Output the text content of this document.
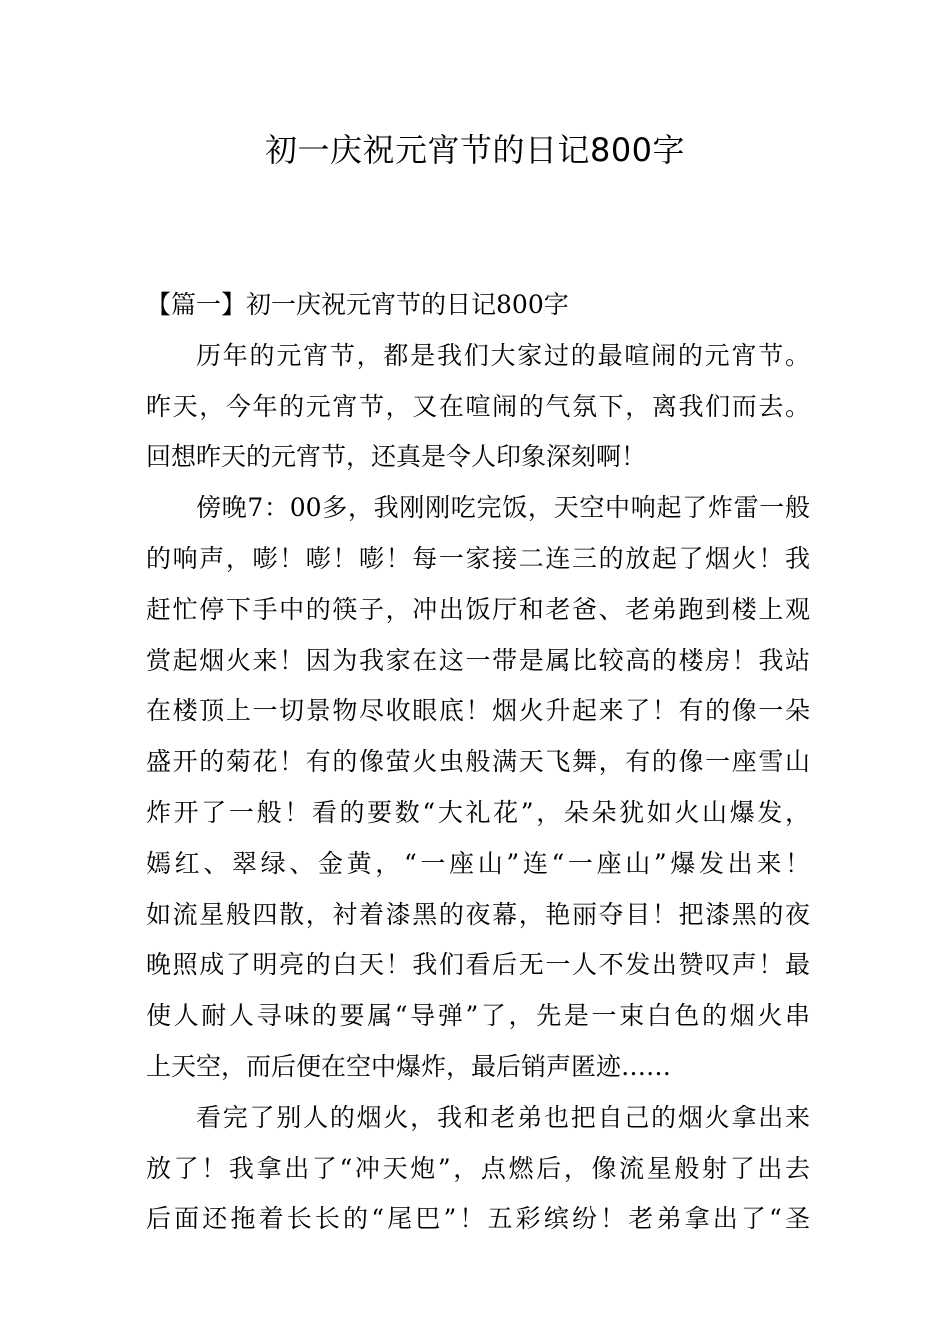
初一庆祝元宵节的日记800字
【篇一】初一庆祝元宵节的日记800字
历年的元宵节，都是我们大家过的最喧闹的元宵节。
昨天，今年的元宵节，又在喧闹的气氛下，离我们而去。
回想昨天的元宵节，还真是令人印象深刻啊！
傍晚7：00多，我刚刚吃完饭，天空中响起了炸雷一般
的响声，嘭！嘭！嘭！每一家接二连三的放起了烟火！我
赶忙停下手中的筷子，冲出饭厅和老爸、老弟跑到楼上观
赏起烟火来！因为我家在这一带是属比较高的楼房！我站
在楼顶上一切景物尽收眼底！烟火升起来了！有的像一朵
盛开的菊花！有的像萤火虫般满天飞舞，有的像一座雪山
炸开了一般！看的要数“大礼花”，朵朵犹如火山爆发，
嫣红、翠绿、金黄，“一座山”连“一座山”爆发出来！
如流星般四散，衬着漆黑的夜幕，艳丽夺目！把漆黑的夜
晚照成了明亮的白天！我们看后无一人不发出赞叹声！最
使人耐人寻味的要属“导弹”了，先是一束白色的烟火串
上天空，而后便在空中爆炸，最后销声匿迹……
看完了别人的烟火，我和老弟也把自己的烟火拿出来
放了！我拿出了“冲天炮”，点燃后，像流星般射了出去
后面还拖着长长的“尾巴”！五彩缤纷！老弟拿出了“圣
